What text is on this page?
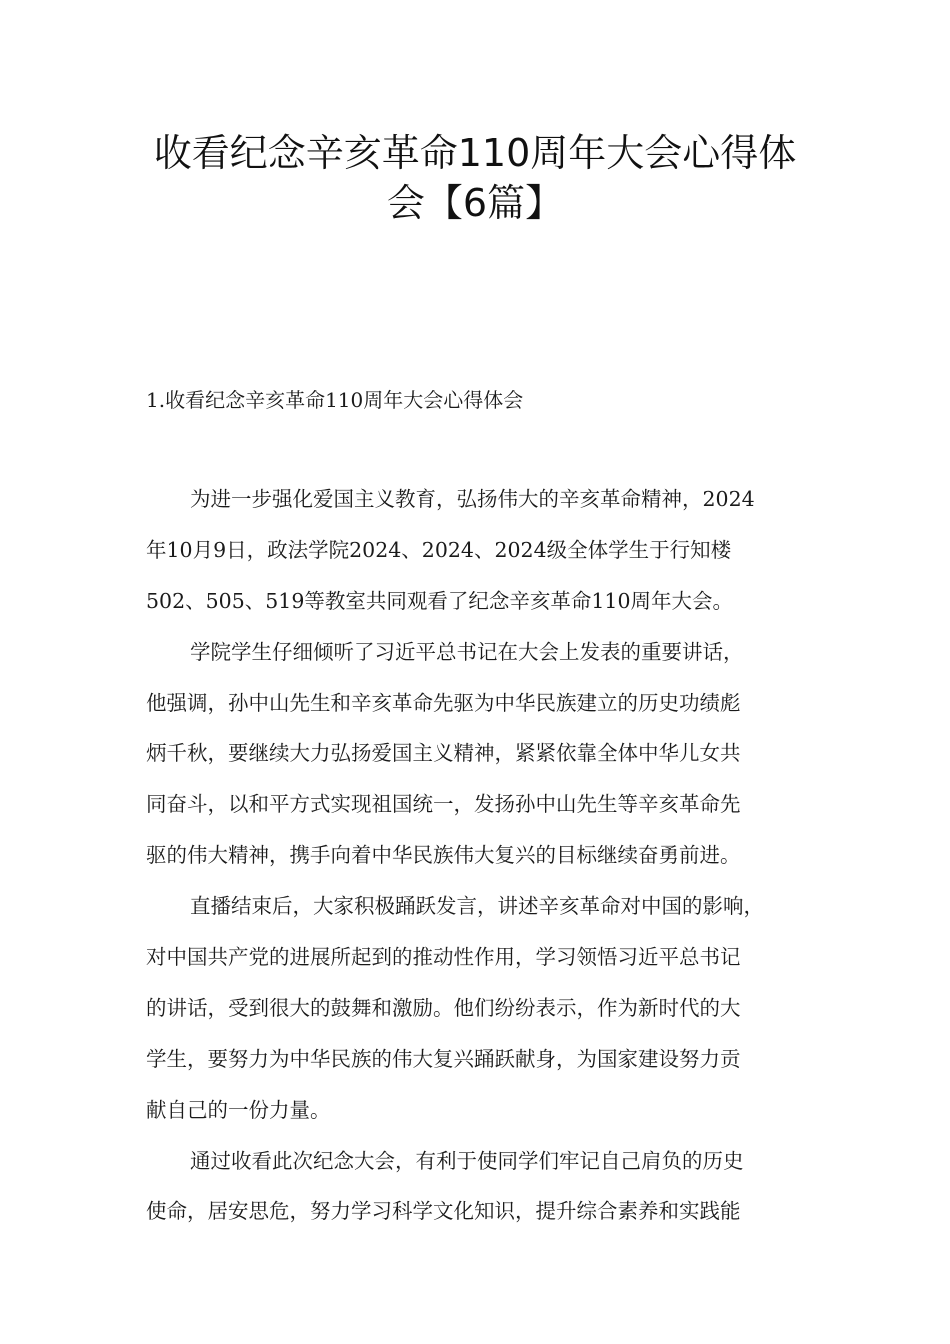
收看纪念辛亥革命110周年大会心得体
会【6篇】
1.收看纪念辛亥革命110周年大会心得体会

为进一步强化爱国主义教育，弘扬伟大的辛亥革命精神，2024
年10月9日，政法学院2024、2024、2024级全体学生于行知楼
502、505、519等教室共同观看了纪念辛亥革命110周年大会。

学院学生仔细倾听了习近平总书记在大会上发表的重要讲话，
他强调，孙中山先生和辛亥革命先驱为中华民族建立的历史功绩彪
炳千秋，要继续大力弘扬爱国主义精神，紧紧依靠全体中华儿女共
同奋斗，以和平方式实现祖国统一，发扬孙中山先生等辛亥革命先
驱的伟大精神，携手向着中华民族伟大复兴的目标继续奋勇前进。

直播结束后，大家积极踊跃发言，讲述辛亥革命对中国的影响，
对中国共产党的进展所起到的推动性作用，学习领悟习近平总书记
的讲话，受到很大的鼓舞和激励。他们纷纷表示，作为新时代的大
学生，要努力为中华民族的伟大复兴踊跃献身，为国家建设努力贡
献自己的一份力量。

通过收看此次纪念大会，有利于使同学们牢记自己肩负的历史
使命，居安思危，努力学习科学文化知识，提升综合素养和实践能
